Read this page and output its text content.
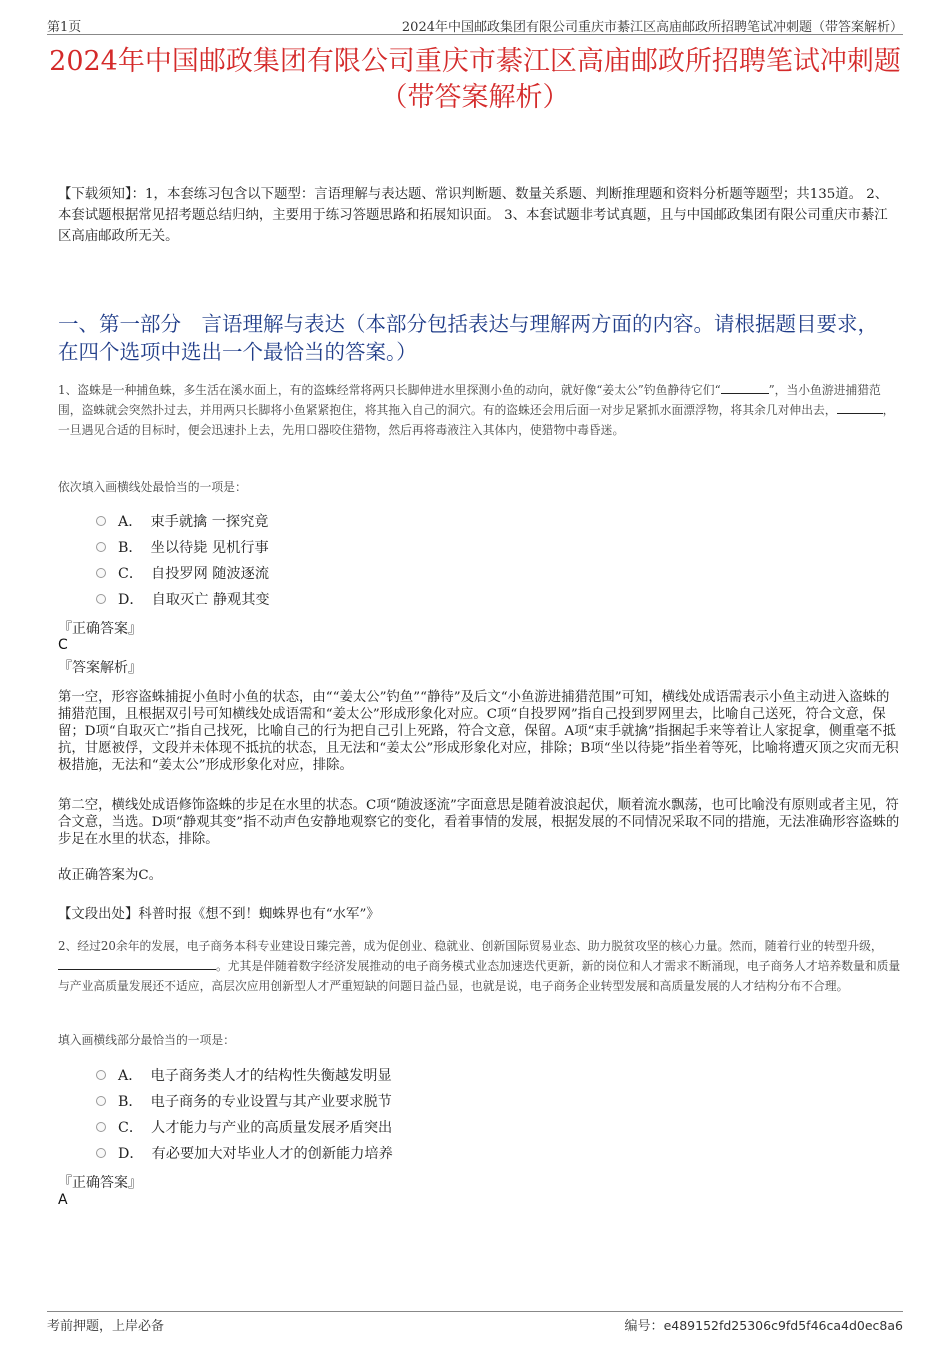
第1页	2024年中国邮政集团有限公司重庆市綦江区高庙邮政所招聘笔试冲刺题（带答案解析）
2024年中国邮政集团有限公司重庆市綦江区高庙邮政所招聘笔试冲刺题（带答案解析）
【下载须知】：1，本套练习包含以下题型：言语理解与表达题、常识判断题、数量关系题、判断推理题和资料分析题等题型；共135道。 2、本套试题根据常见招考题总结归纳，主要用于练习答题思路和拓展知识面。 3、本套试题非考试真题，且与中国邮政集团有限公司重庆市綦江区高庙邮政所无关。
一、第一部分　言语理解与表达（本部分包括表达与理解两方面的内容。请根据题目要求，在四个选项中选出一个最恰当的答案。）
1、盗蛛是一种捕鱼蛛，多生活在溪水面上，有的盗蛛经常将两只长脚伸进水里探测小鱼的动向，就好像“姜太公”钓鱼静待它们“	”，当小鱼游进捕猎范围，盗蛛就会突然扑过去，并用两只长脚将小鱼紧紧抱住，将其拖入自己的洞穴。有的盗蛛还会用后面一对步足紧抓水面漂浮物，将其余几对伸出去，	，一旦遇见合适的目标时，便会迅速扑上去，先用口器咬住猎物，然后再将毒液注入其体内，使猎物中毒昏迷。
依次填入画横线处最恰当的一项是：
A． 束手就擒 一探究竟
B． 坐以待毙 见机行事
C． 自投罗网 随波逐流
D． 自取灭亡 静观其变
『正确答案』
C
『答案解析』

第一空，形容盗蛛捕捉小鱼时小鱼的状态，由““姜太公”钓鱼”“静待”及后文“小鱼游进捕猎范围”可知，横线处成语需表示小鱼主动进入盗蛛的捕猎范围，且根据双引号可知横线处成语需和“姜太公”形成形象化对应。C项“自投罗网”指自己投到罗网里去，比喻自己送死，符合文意，保留；D项“自取灭亡”指自己找死，比喻自己的行为把自己引上死路，符合文意，保留。A项“束手就擒”指捆起手来等着让人家捉拿，侧重毫不抵抗，甘愿被俘，文段并未体现不抵抗的状态，且无法和“姜太公”形成形象化对应，排除；B项“坐以待毙”指坐着等死，比喻将遭灭顶之灾而无积极措施，无法和“姜太公”形成形象化对应，排除。

第二空，横线处成语修饰盗蛛的步足在水里的状态。C项“随波逐流”字面意思是随着波浪起伏，顺着流水飘荡，也可比喻没有原则或者主见，符合文意，当选。D项“静观其变”指不动声色安静地观察它的变化，看着事情的发展，根据发展的不同情况采取不同的措施，无法准确形容盗蛛的步足在水里的状态，排除。

故正确答案为C。

【文段出处】科普时报《想不到！蜘蛛界也有“水军”》
2、经过20余年的发展，电子商务本科专业建设日臻完善，成为促创业、稳就业、创新国际贸易业态、助力脱贫攻坚的核心力量。然而，随着行业的转型升级，。尤其是伴随着数字经济发展推动的电子商务模式业态加速迭代更新，新的岗位和人才需求不断涌现，电子商务人才培养数量和质量与产业高质量发展还不适应，高层次应用创新型人才严重短缺的问题日益凸显，也就是说，电子商务企业转型发展和高质量发展的人才结构分布不合理。
填入画横线部分最恰当的一项是：
A． 电子商务类人才的结构性失衡越发明显
B． 电子商务的专业设置与其产业要求脱节
C． 人才能力与产业的高质量发展矛盾突出
D． 有必要加大对毕业人才的创新能力培养
『正确答案』
A
考前押题，上岸必备	编号：e489152fd25306c9fd5f46ca4d0ec8a6
